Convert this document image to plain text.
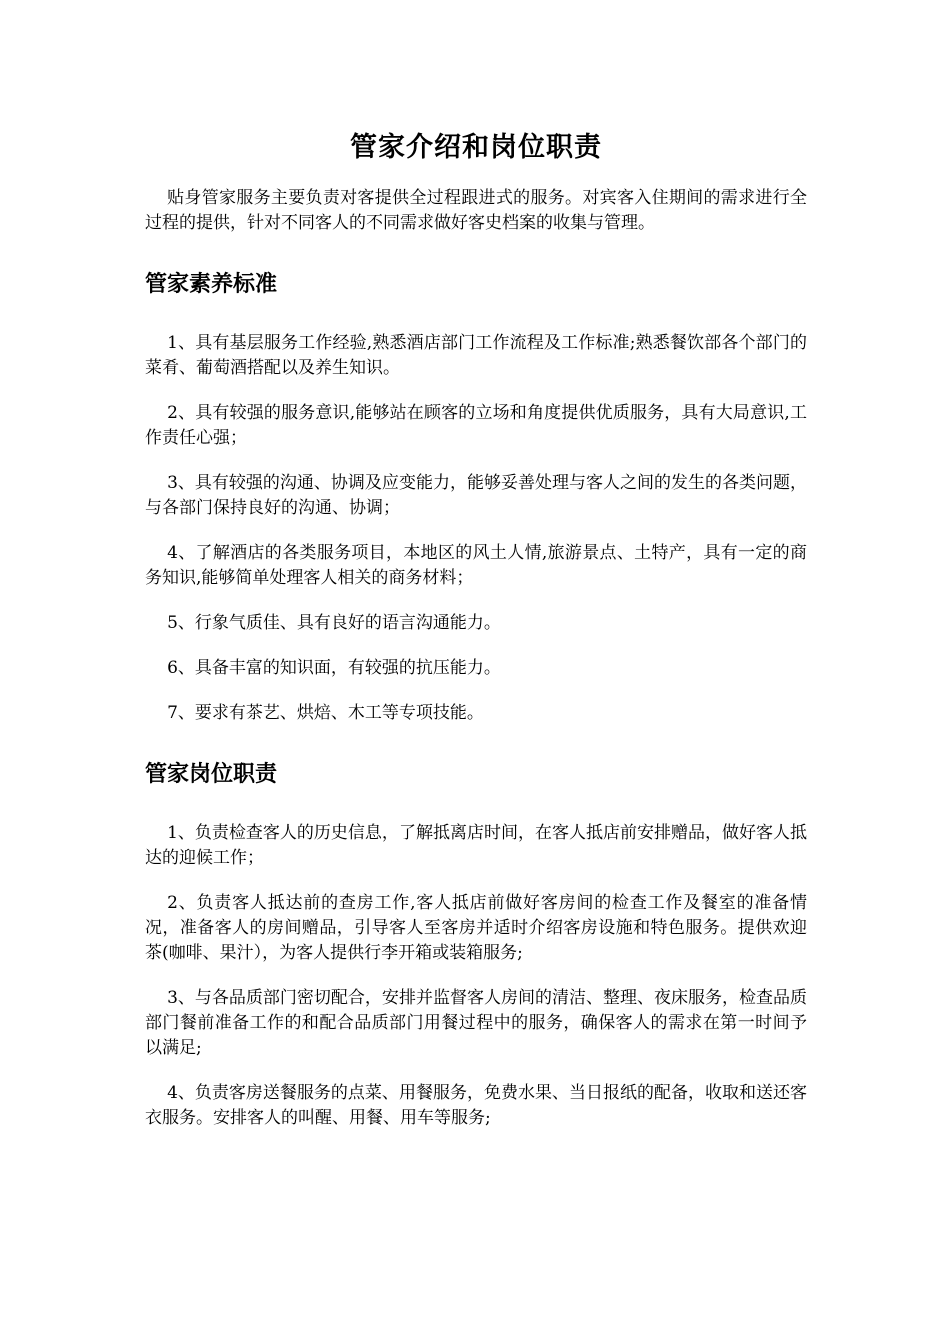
管家介绍和岗位职责

贴身管家服务主要负责对客提供全过程跟进式的服务。对宾客入住期间的需求进行全过程的提供，针对不同客人的不同需求做好客史档案的收集与管理。

管家素养标准

1、具有基层服务工作经验,熟悉酒店部门工作流程及工作标准;熟悉餐饮部各个部门的菜肴、葡萄酒搭配以及养生知识。

2、具有较强的服务意识,能够站在顾客的立场和角度提供优质服务，具有大局意识,工作责任心强；

3、具有较强的沟通、协调及应变能力，能够妥善处理与客人之间的发生的各类问题，与各部门保持良好的沟通、协调；

4、了解酒店的各类服务项目，本地区的风土人情,旅游景点、土特产，具有一定的商务知识,能够简单处理客人相关的商务材料；

5、行象气质佳、具有良好的语言沟通能力。

6、具备丰富的知识面，有较强的抗压能力。

7、要求有茶艺、烘焙、木工等专项技能。

管家岗位职责

1、负责检查客人的历史信息，了解抵离店时间，在客人抵店前安排赠品，做好客人抵达的迎候工作；

2、负责客人抵达前的查房工作,客人抵店前做好客房间的检查工作及餐室的准备情况，准备客人的房间赠品，引导客人至客房并适时介绍客房设施和特色服务。提供欢迎茶(咖啡、果汁），为客人提供行李开箱或装箱服务;

3、与各品质部门密切配合，安排并监督客人房间的清洁、整理、夜床服务，检查品质部门餐前准备工作的和配合品质部门用餐过程中的服务，确保客人的需求在第一时间予以满足;

4、负责客房送餐服务的点菜、用餐服务，免费水果、当日报纸的配备，收取和送还客衣服务。安排客人的叫醒、用餐、用车等服务;
